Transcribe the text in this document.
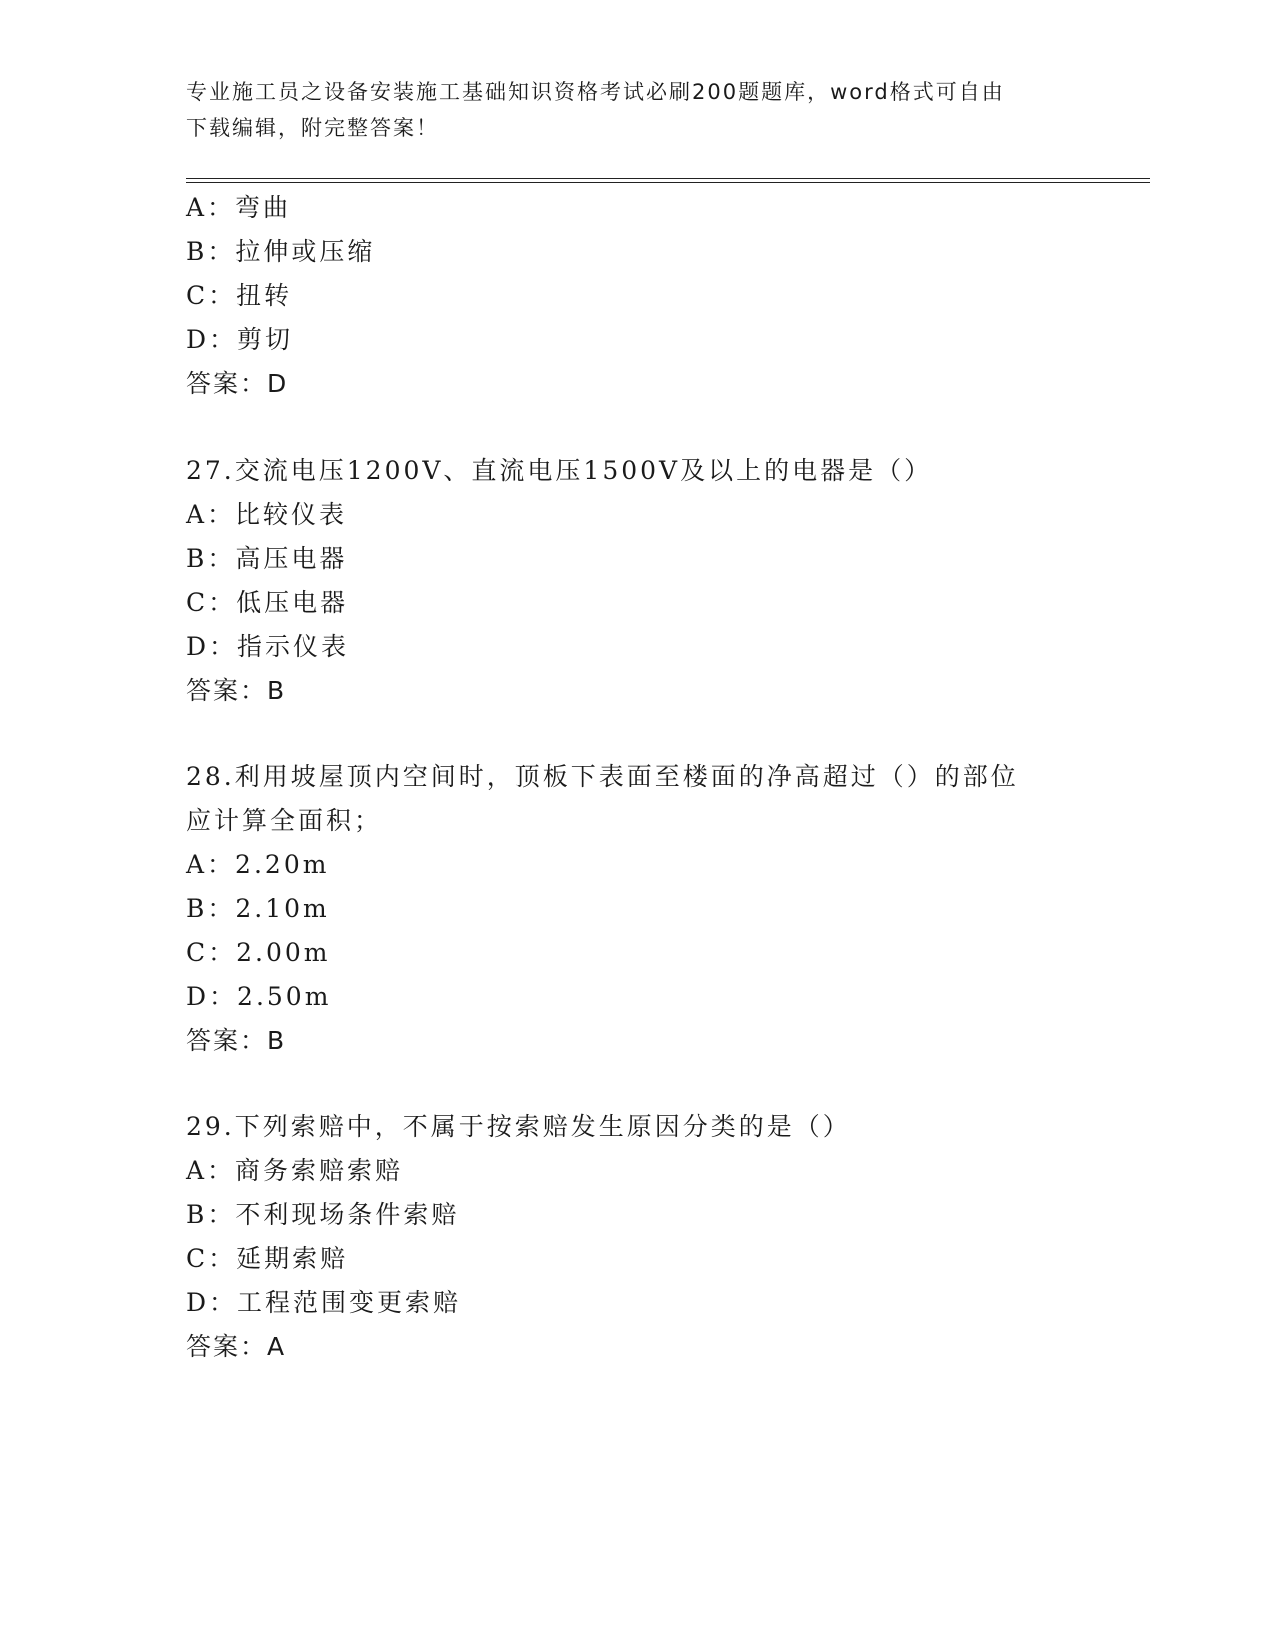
专业施工员之设备安装施工基础知识资格考试必刷200题题库，word格式可自由
下载编辑，附完整答案！

A：弯曲
B：拉伸或压缩
C：扭转
D：剪切
答案：D
27.交流电压1200V、直流电压1500V及以上的电器是（）
A：比较仪表
B：高压电器
C：低压电器
D：指示仪表
答案：B
28.利用坡屋顶内空间时，顶板下表面至楼面的净高超过（）的部位
应计算全面积；
A：2.20m
B：2.10m
C：2.00m
D：2.50m
答案：B
29.下列索赔中，不属于按索赔发生原因分类的是（）
A：商务索赔索赔
B：不利现场条件索赔
C：延期索赔
D：工程范围变更索赔
答案：A
